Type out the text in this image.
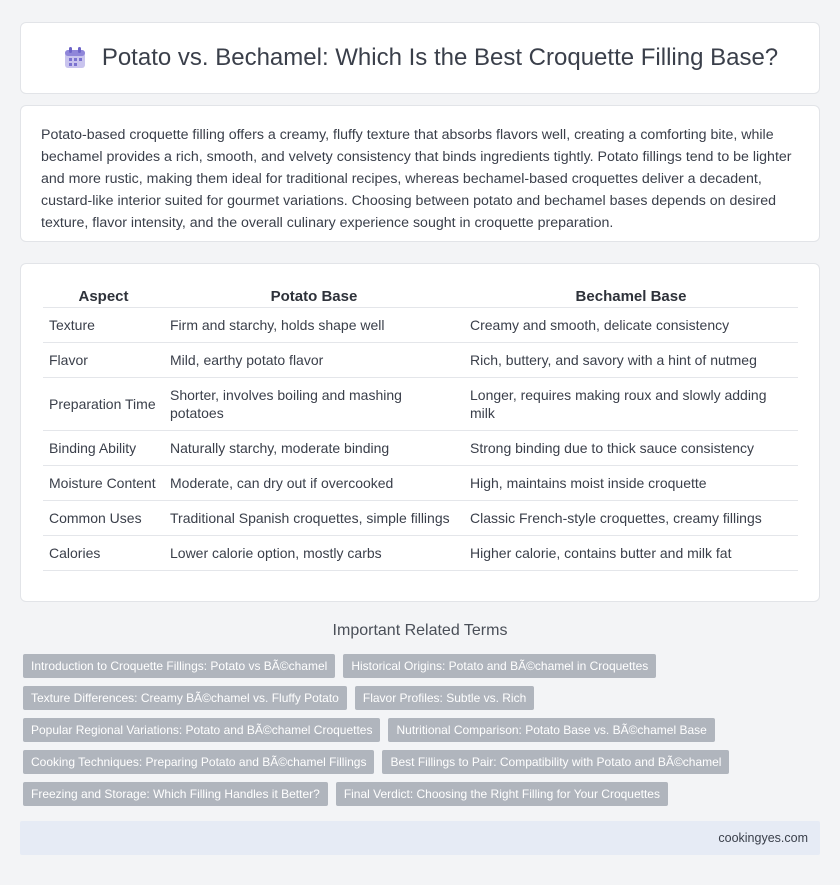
Potato vs. Bechamel: Which Is the Best Croquette Filling Base?

Potato-based croquette filling offers a creamy, fluffy texture that absorbs flavors well, creating a comforting bite, while bechamel provides a rich, smooth, and velvety consistency that binds ingredients tightly. Potato fillings tend to be lighter and more rustic, making them ideal for traditional recipes, whereas bechamel-based croquettes deliver a decadent, custard-like interior suited for gourmet variations. Choosing between potato and bechamel bases depends on desired texture, flavor intensity, and the overall culinary experience sought in croquette preparation.

Aspect	Potato Base	Bechamel Base
Texture	Firm and starchy, holds shape well	Creamy and smooth, delicate consistency
Flavor	Mild, earthy potato flavor	Rich, buttery, and savory with a hint of nutmeg
Preparation Time	Shorter, involves boiling and mashing potatoes	Longer, requires making roux and slowly adding milk
Binding Ability	Naturally starchy, moderate binding	Strong binding due to thick sauce consistency
Moisture Content	Moderate, can dry out if overcooked	High, maintains moist inside croquette
Common Uses	Traditional Spanish croquettes, simple fillings	Classic French-style croquettes, creamy fillings
Calories	Lower calorie option, mostly carbs	Higher calorie, contains butter and milk fat
Important Related Terms
Introduction to Croquette Fillings: Potato vs BÃ©chamel	Historical Origins: Potato and BÃ©chamel in Croquettes
Texture Differences: Creamy BÃ©chamel vs. Fluffy Potato	Flavor Profiles: Subtle vs. Rich
Popular Regional Variations: Potato and BÃ©chamel Croquettes	Nutritional Comparison: Potato Base vs. BÃ©chamel Base
Cooking Techniques: Preparing Potato and BÃ©chamel Fillings	Best Fillings to Pair: Compatibility with Potato and BÃ©chamel
Freezing and Storage: Which Filling Handles it Better?	Final Verdict: Choosing the Right Filling for Your Croquettes
cookingyes.com
